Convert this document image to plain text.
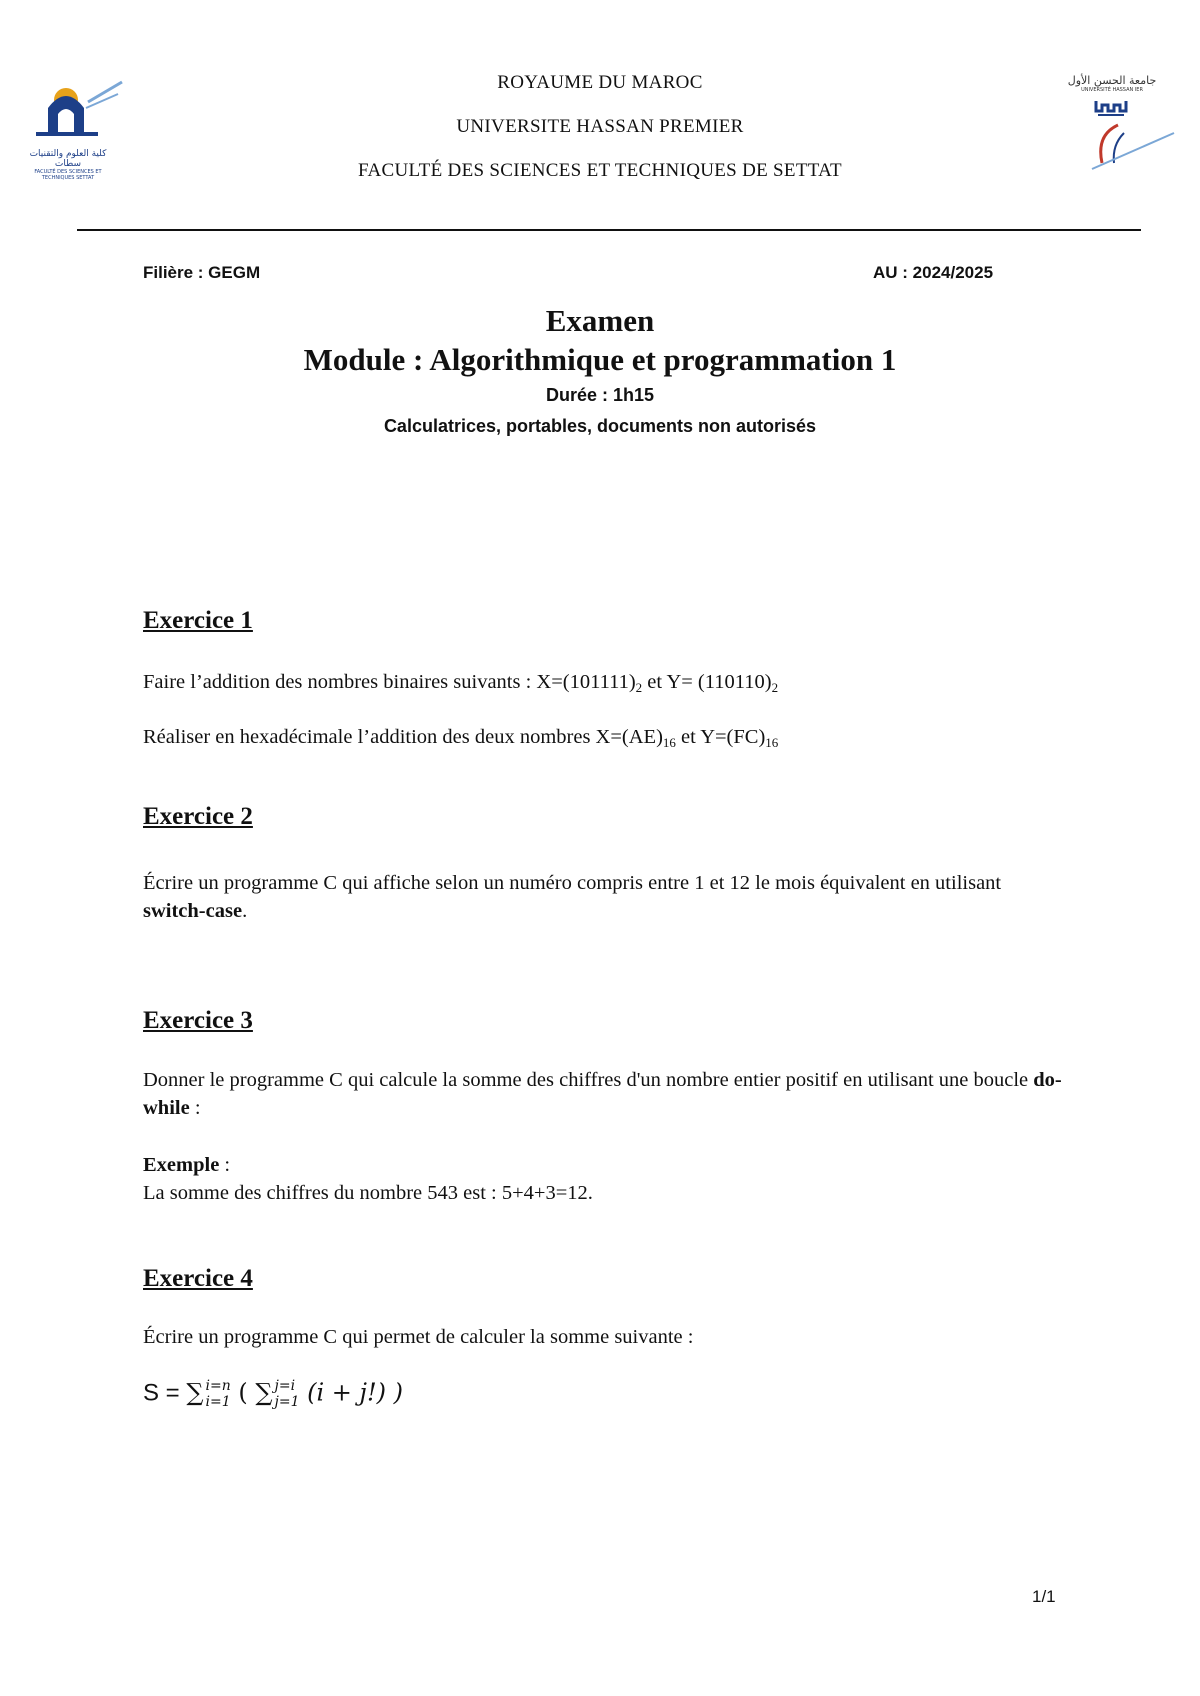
كلية العلوم والتقنيات سطات
FACULTÉ DES SCIENCES ET TECHNIQUES SETTAT
جامعة الحسن الأول
UNIVERSITÉ HASSAN IER
ROYAUME DU MAROC
UNIVERSITE HASSAN PREMIER
FACULTÉ DES SCIENCES ET TECHNIQUES DE SETTAT
Filière : GEGM	AU : 2024/2025
Examen
Module : Algorithmique et programmation 1
Durée : 1h15
Calculatrices, portables, documents non autorisés
Exercice 1
Faire l’addition des nombres binaires suivants : $X=(101111)_2$ et $Y= (110110)_2$
Réaliser en hexadécimale l’addition des deux nombres $X=(AE)_{16}$ et $Y=(FC)_{16}$
Exercice 2
Écrire un programme C qui affiche selon un numéro compris entre 1 et 12 le mois équivalent en utilisant switch-case.
Exercice 3
Donner le programme C qui calcule la somme des chiffres d'un nombre entier positif en utilisant une boucle do-while :
Exemple :
La somme des chiffres du nombre 543 est : 5+4+3=12.
Exercice 4
Écrire un programme C qui permet de calculer la somme suivante :
S = ∑ i=n
i=1 ( ∑ j=i
j=1 (i + j!) )
1/1
